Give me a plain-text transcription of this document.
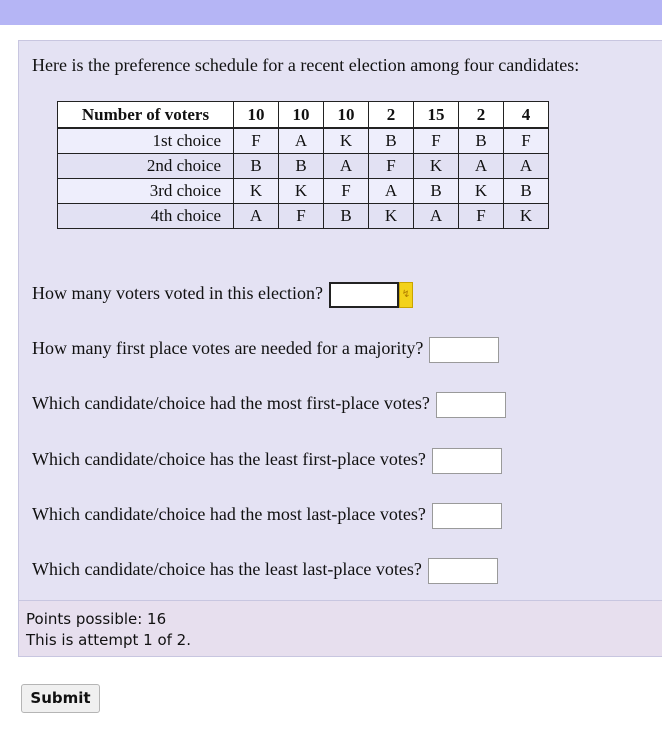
Here is the preference schedule for a recent election among four candidates:
Number of voters	10	10	10	2	15	2	4
1st choice	F	A	K	B	F	B	F
2nd choice	B	B	A	F	K	A	A
3rd choice	K	K	F	A	B	K	B
4th choice	A	F	B	K	A	F	K
How many voters voted in this election?	↯
How many first place votes are needed for a majority?
Which candidate/choice had the most first-place votes?
Which candidate/choice has the least first-place votes?
Which candidate/choice had the most last-place votes?
Which candidate/choice has the least last-place votes?
Points possible: 16
This is attempt 1 of 2.
Submit
